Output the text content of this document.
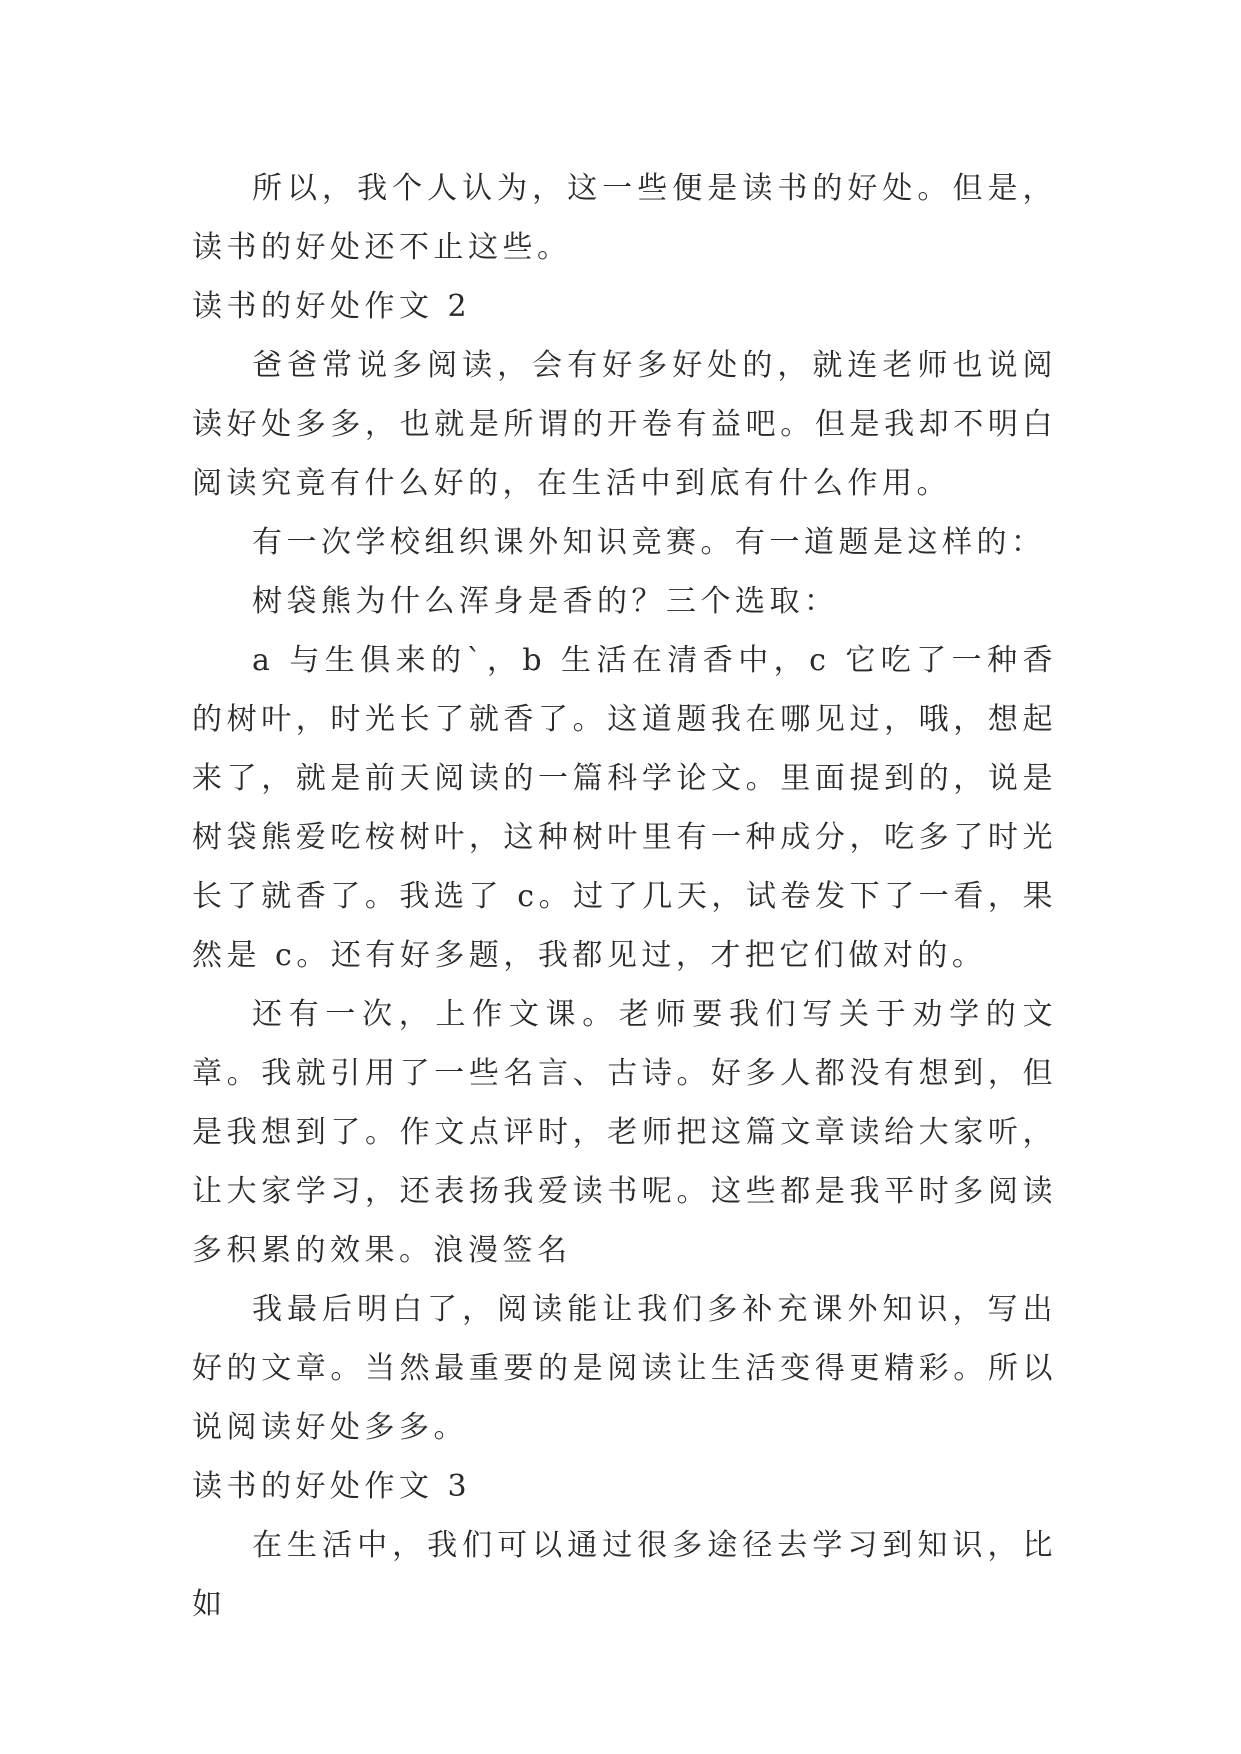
所以，我个人认为，这一些便是读书的好处。但是，读书的好处还不止这些。

读书的好处作文 2

爸爸常说多阅读，会有好多好处的，就连老师也说阅读好处多多，也就是所谓的开卷有益吧。但是我却不明白阅读究竟有什么好的，在生活中到底有什么作用。

有一次学校组织课外知识竞赛。有一道题是这样的：

树袋熊为什么浑身是香的？三个选取：

a 与生俱来的`，b 生活在清香中，c 它吃了一种香的树叶，时光长了就香了。这道题我在哪见过，哦，想起来了，就是前天阅读的一篇科学论文。里面提到的，说是树袋熊爱吃桉树叶，这种树叶里有一种成分，吃多了时光长了就香了。我选了 c。过了几天，试卷发下了一看，果然是 c。还有好多题，我都见过，才把它们做对的。

还有一次，上作文课。老师要我们写关于劝学的文章。我就引用了一些名言、古诗。好多人都没有想到，但是我想到了。作文点评时，老师把这篇文章读给大家听，让大家学习，还表扬我爱读书呢。这些都是我平时多阅读多积累的效果。浪漫签名

我最后明白了，阅读能让我们多补充课外知识，写出好的文章。当然最重要的是阅读让生活变得更精彩。所以说阅读好处多多。

读书的好处作文 3

在生活中，我们可以通过很多途径去学习到知识，比如
